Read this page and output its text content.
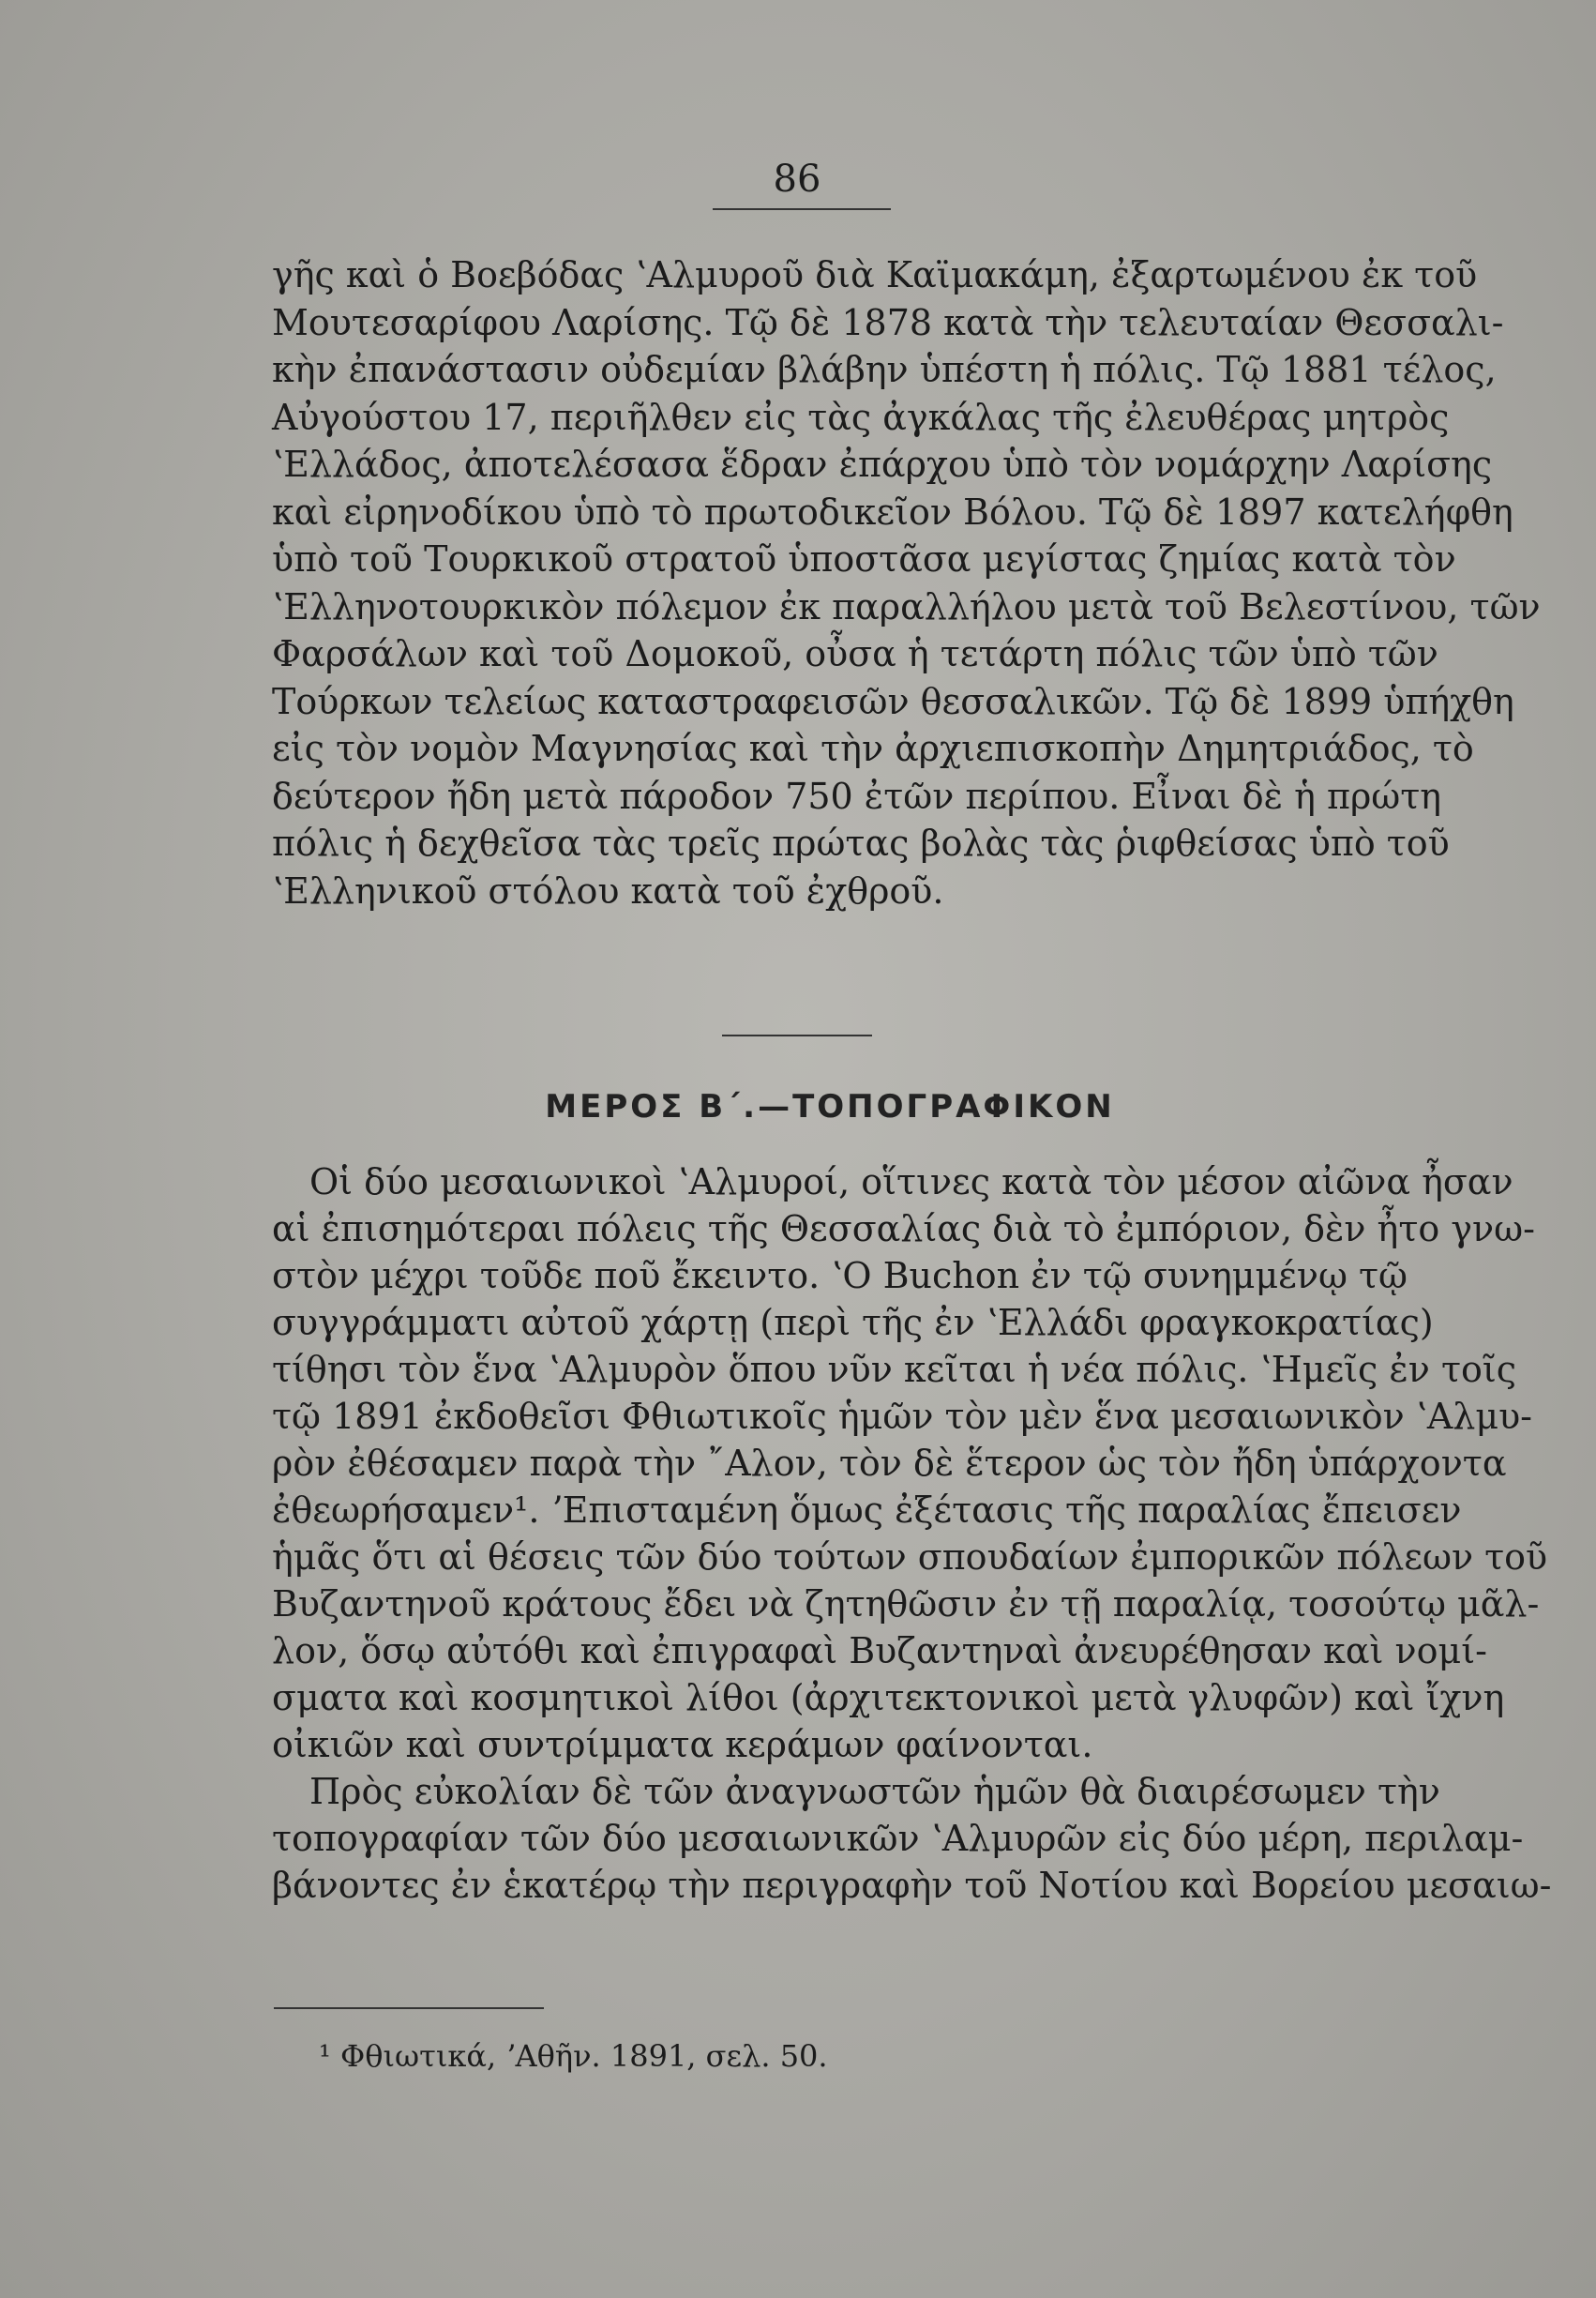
86
γῆς καὶ ὁ Βοεβόδας ʽΑλμυροῦ διὰ Καϊμακάμη, ἐξαρτωμένου ἐκ τοῦ
Μουτεσαρίφου Λαρίσης. Τῷ δὲ 1878 κατὰ τὴν τελευταίαν Θεσσαλι-
κὴν ἐπανάστασιν οὐδεμίαν βλάβην ὑπέστη ἡ πόλις. Τῷ 1881 τέλος,
Αὐγούστου 17, περιῆλθεν εἰς τὰς ἀγκάλας τῆς ἐλευθέρας μητρὸς
ʽΕλλάδος, ἀποτελέσασα ἕδραν ἐπάρχου ὑπὸ τὸν νομάρχην Λαρίσης
καὶ εἰρηνοδίκου ὑπὸ τὸ πρωτοδικεῖον Βόλου. Τῷ δὲ 1897 κατελήφθη
ὑπὸ τοῦ Τουρκικοῦ στρατοῦ ὑποστᾶσα μεγίστας ζημίας κατὰ τὸν
ʽΕλληνοτουρκικὸν πόλεμον ἐκ παραλλήλου μετὰ τοῦ Βελεστίνου, τῶν
Φαρσάλων καὶ τοῦ Δομοκοῦ, οὖσα ἡ τετάρτη πόλις τῶν ὑπὸ τῶν
Τούρκων τελείως καταστραφεισῶν θεσσαλικῶν. Τῷ δὲ 1899 ὑπήχθη
εἰς τὸν νομὸν Μαγνησίας καὶ τὴν ἀρχιεπισκοπὴν Δημητριάδος, τὸ
δεύτερον ἤδη μετὰ πάροδον 750 ἐτῶν περίπου. Εἶναι δὲ ἡ πρώτη
πόλις ἡ δεχθεῖσα τὰς τρεῖς πρώτας βολὰς τὰς ῥιφθείσας ὑπὸ τοῦ
ʽΕλληνικοῦ στόλου κατὰ τοῦ ἐχθροῦ.
ΜΕΡΟΣ Β΄.—ΤΟΠΟΓΡΑΦΙΚΟΝ
Οἱ δύο μεσαιωνικοὶ ʽΑλμυροί, οἵτινες κατὰ τὸν μέσον αἰῶνα ἦσαν
αἱ ἐπισημότεραι πόλεις τῆς Θεσσαλίας διὰ τὸ ἐμπόριον, δὲν ἦτο γνω-
στὸν μέχρι τοῦδε ποῦ ἔκειντο. ʽΟ Buchon ἐν τῷ συνημμένῳ τῷ
συγγράμματι αὐτοῦ χάρτῃ (περὶ τῆς ἐν ʽΕλλάδι φραγκοκρατίας)
τίθησι τὸν ἕνα ʽΑλμυρὸν ὅπου νῦν κεῖται ἡ νέα πόλις. ʽΗμεῖς ἐν τοῖς
τῷ 1891 ἐκδοθεῖσι Φθιωτικοῖς ἡμῶν τὸν μὲν ἕνα μεσαιωνικὸν ʽΑλμυ-
ρὸν ἐθέσαμεν παρὰ τὴν ῎Αλον, τὸν δὲ ἕτερον ὡς τὸν ἤδη ὑπάρχοντα
ἐθεωρήσαμεν¹. ʼΕπισταμένη ὅμως ἐξέτασις τῆς παραλίας ἔπεισεν
ἡμᾶς ὅτι αἱ θέσεις τῶν δύο τούτων σπουδαίων ἐμπορικῶν πόλεων τοῦ
Βυζαντηνοῦ κράτους ἔδει νὰ ζητηθῶσιν ἐν τῇ παραλίᾳ, τοσούτῳ μᾶλ-
λον, ὅσῳ αὐτόθι καὶ ἐπιγραφαὶ Βυζαντηναὶ ἀνευρέθησαν καὶ νομί-
σματα καὶ κοσμητικοὶ λίθοι (ἀρχιτεκτονικοὶ μετὰ γλυφῶν) καὶ ἴχνη
οἰκιῶν καὶ συντρίμματα κεράμων φαίνονται.
Πρὸς εὐκολίαν δὲ τῶν ἀναγνωστῶν ἡμῶν θὰ διαιρέσωμεν τὴν
τοπογραφίαν τῶν δύο μεσαιωνικῶν ʽΑλμυρῶν εἰς δύο μέρη, περιλαμ-
βάνοντες ἐν ἑκατέρῳ τὴν περιγραφὴν τοῦ Νοτίου καὶ Βορείου μεσαιω-
¹ Φθιωτικά, ʼΑθῆν. 1891, σελ. 50.
